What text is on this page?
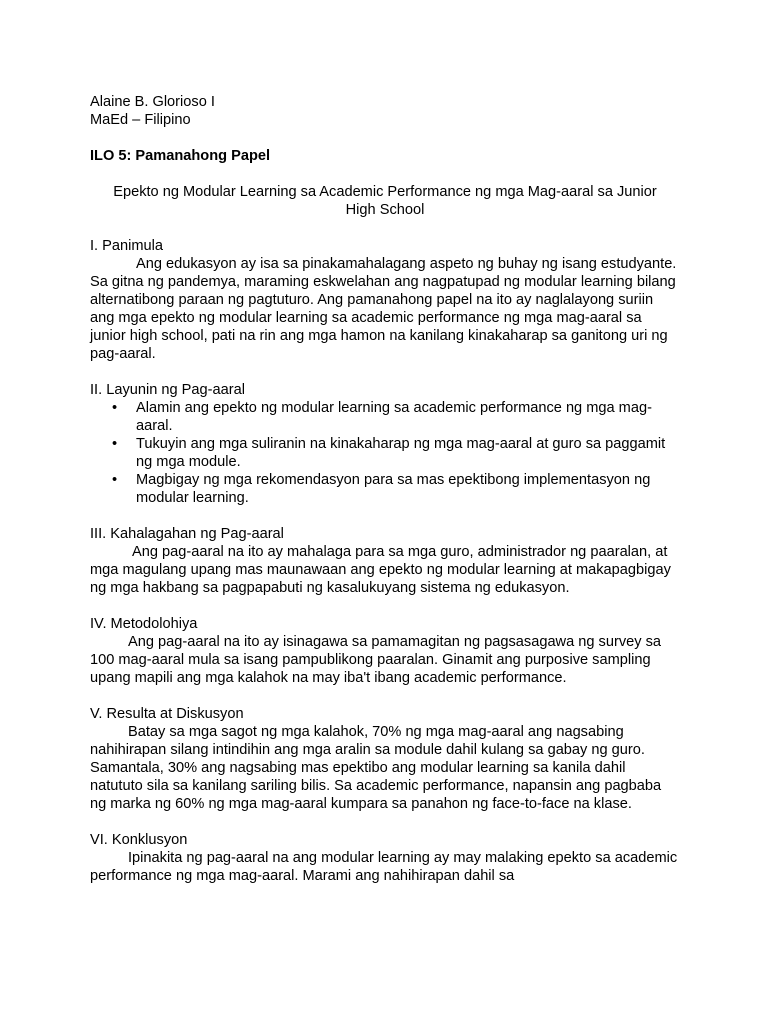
Alaine B. Glorioso I

MaEd – Filipino

ILO 5: Pamanahong Papel

Epekto ng Modular Learning sa Academic Performance ng mga Mag-aaral sa Junior High School

I. Panimula

Ang edukasyon ay isa sa pinakamahalagang aspeto ng buhay ng isang estudyante. Sa gitna ng pandemya, maraming eskwelahan ang nagpatupad ng modular learning bilang alternatibong paraan ng pagtuturo. Ang pamanahong papel na ito ay naglalayong suriin ang mga epekto ng modular learning sa academic performance ng mga mag-aaral sa junior high school, pati na rin ang mga hamon na kanilang kinakaharap sa ganitong uri ng pag-aaral.

II. Layunin ng Pag-aaral

• Alamin ang epekto ng modular learning sa academic performance ng mga mag-aaral.
• Tukuyin ang mga suliranin na kinakaharap ng mga mag-aaral at guro sa paggamit ng mga module.
• Magbigay ng mga rekomendasyon para sa mas epektibong implementasyon ng modular learning.

III. Kahalagahan ng Pag-aaral

Ang pag-aaral na ito ay mahalaga para sa mga guro, administrador ng paaralan, at mga magulang upang mas maunawaan ang epekto ng modular learning at makapagbigay ng mga hakbang sa pagpapabuti ng kasalukuyang sistema ng edukasyon.

IV. Metodolohiya

Ang pag-aaral na ito ay isinagawa sa pamamagitan ng pagsasagawa ng survey sa 100 mag-aaral mula sa isang pampublikong paaralan. Ginamit ang purposive sampling upang mapili ang mga kalahok na may iba't ibang academic performance.

V. Resulta at Diskusyon

Batay sa mga sagot ng mga kalahok, 70% ng mga mag-aaral ang nagsabing nahihirapan silang intindihin ang mga aralin sa module dahil kulang sa gabay ng guro. Samantala, 30% ang nagsabing mas epektibo ang modular learning sa kanila dahil natututo sila sa kanilang sariling bilis. Sa academic performance, napansin ang pagbaba ng marka ng 60% ng mga mag-aaral kumpara sa panahon ng face-to-face na klase.

VI. Konklusyon

Ipinakita ng pag-aaral na ang modular learning ay may malaking epekto sa academic performance ng mga mag-aaral. Marami ang nahihirapan dahil sa
